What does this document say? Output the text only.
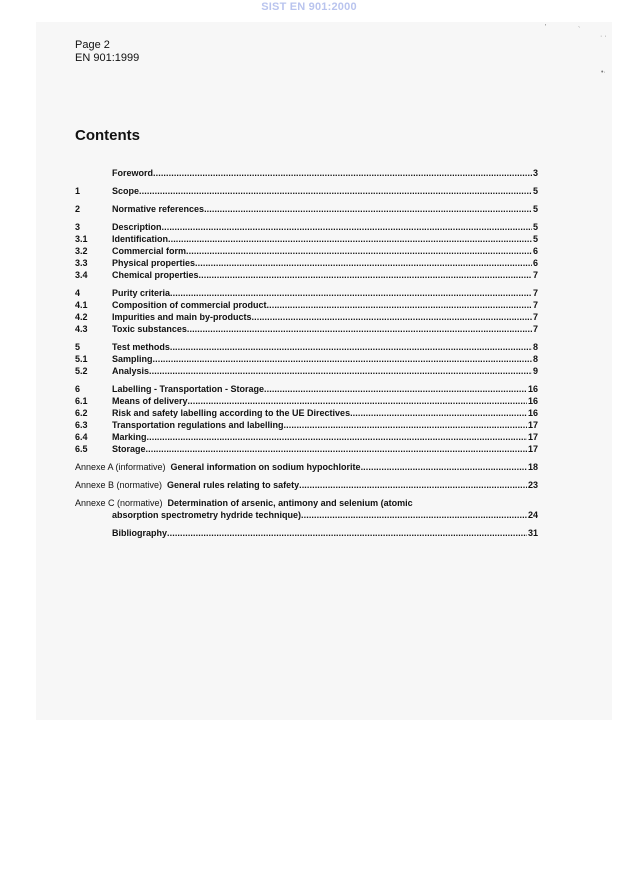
SIST EN 901:2000
Page 2
EN 901:1999
Contents
Foreword .....	3
1	Scope .....	5
2	Normative references .....	5
3	Description .....	5
3.1	Identification .....	5
3.2	Commercial form .....	6
3.3	Physical properties .....	6
3.4	Chemical properties .....	7
4	Purity criteria .....	7
4.1	Composition of commercial product .....	7
4.2	Impurities and main by-products .....	7
4.3	Toxic substances .....	7
5	Test methods .....	8
5.1	Sampling .....	8
5.2	Analysis .....	9
6	Labelling - Transportation - Storage .....	16
6.1	Means of delivery .....	16
6.2	Risk and safety labelling according to the UE Directives .....	16
6.3	Transportation regulations and labelling .....	17
6.4	Marking .....	17
6.5	Storage .....	17
Annexe A (informative) General information on sodium hypochlorite .....	18
Annexe B (normative) General rules relating to safety .....	23
Annexe C (normative) Determination of arsenic, antimony and selenium (atomic
absorption spectrometry hydride technique) .....	24
Bibliography .....	31
'	`
· ·
•·
